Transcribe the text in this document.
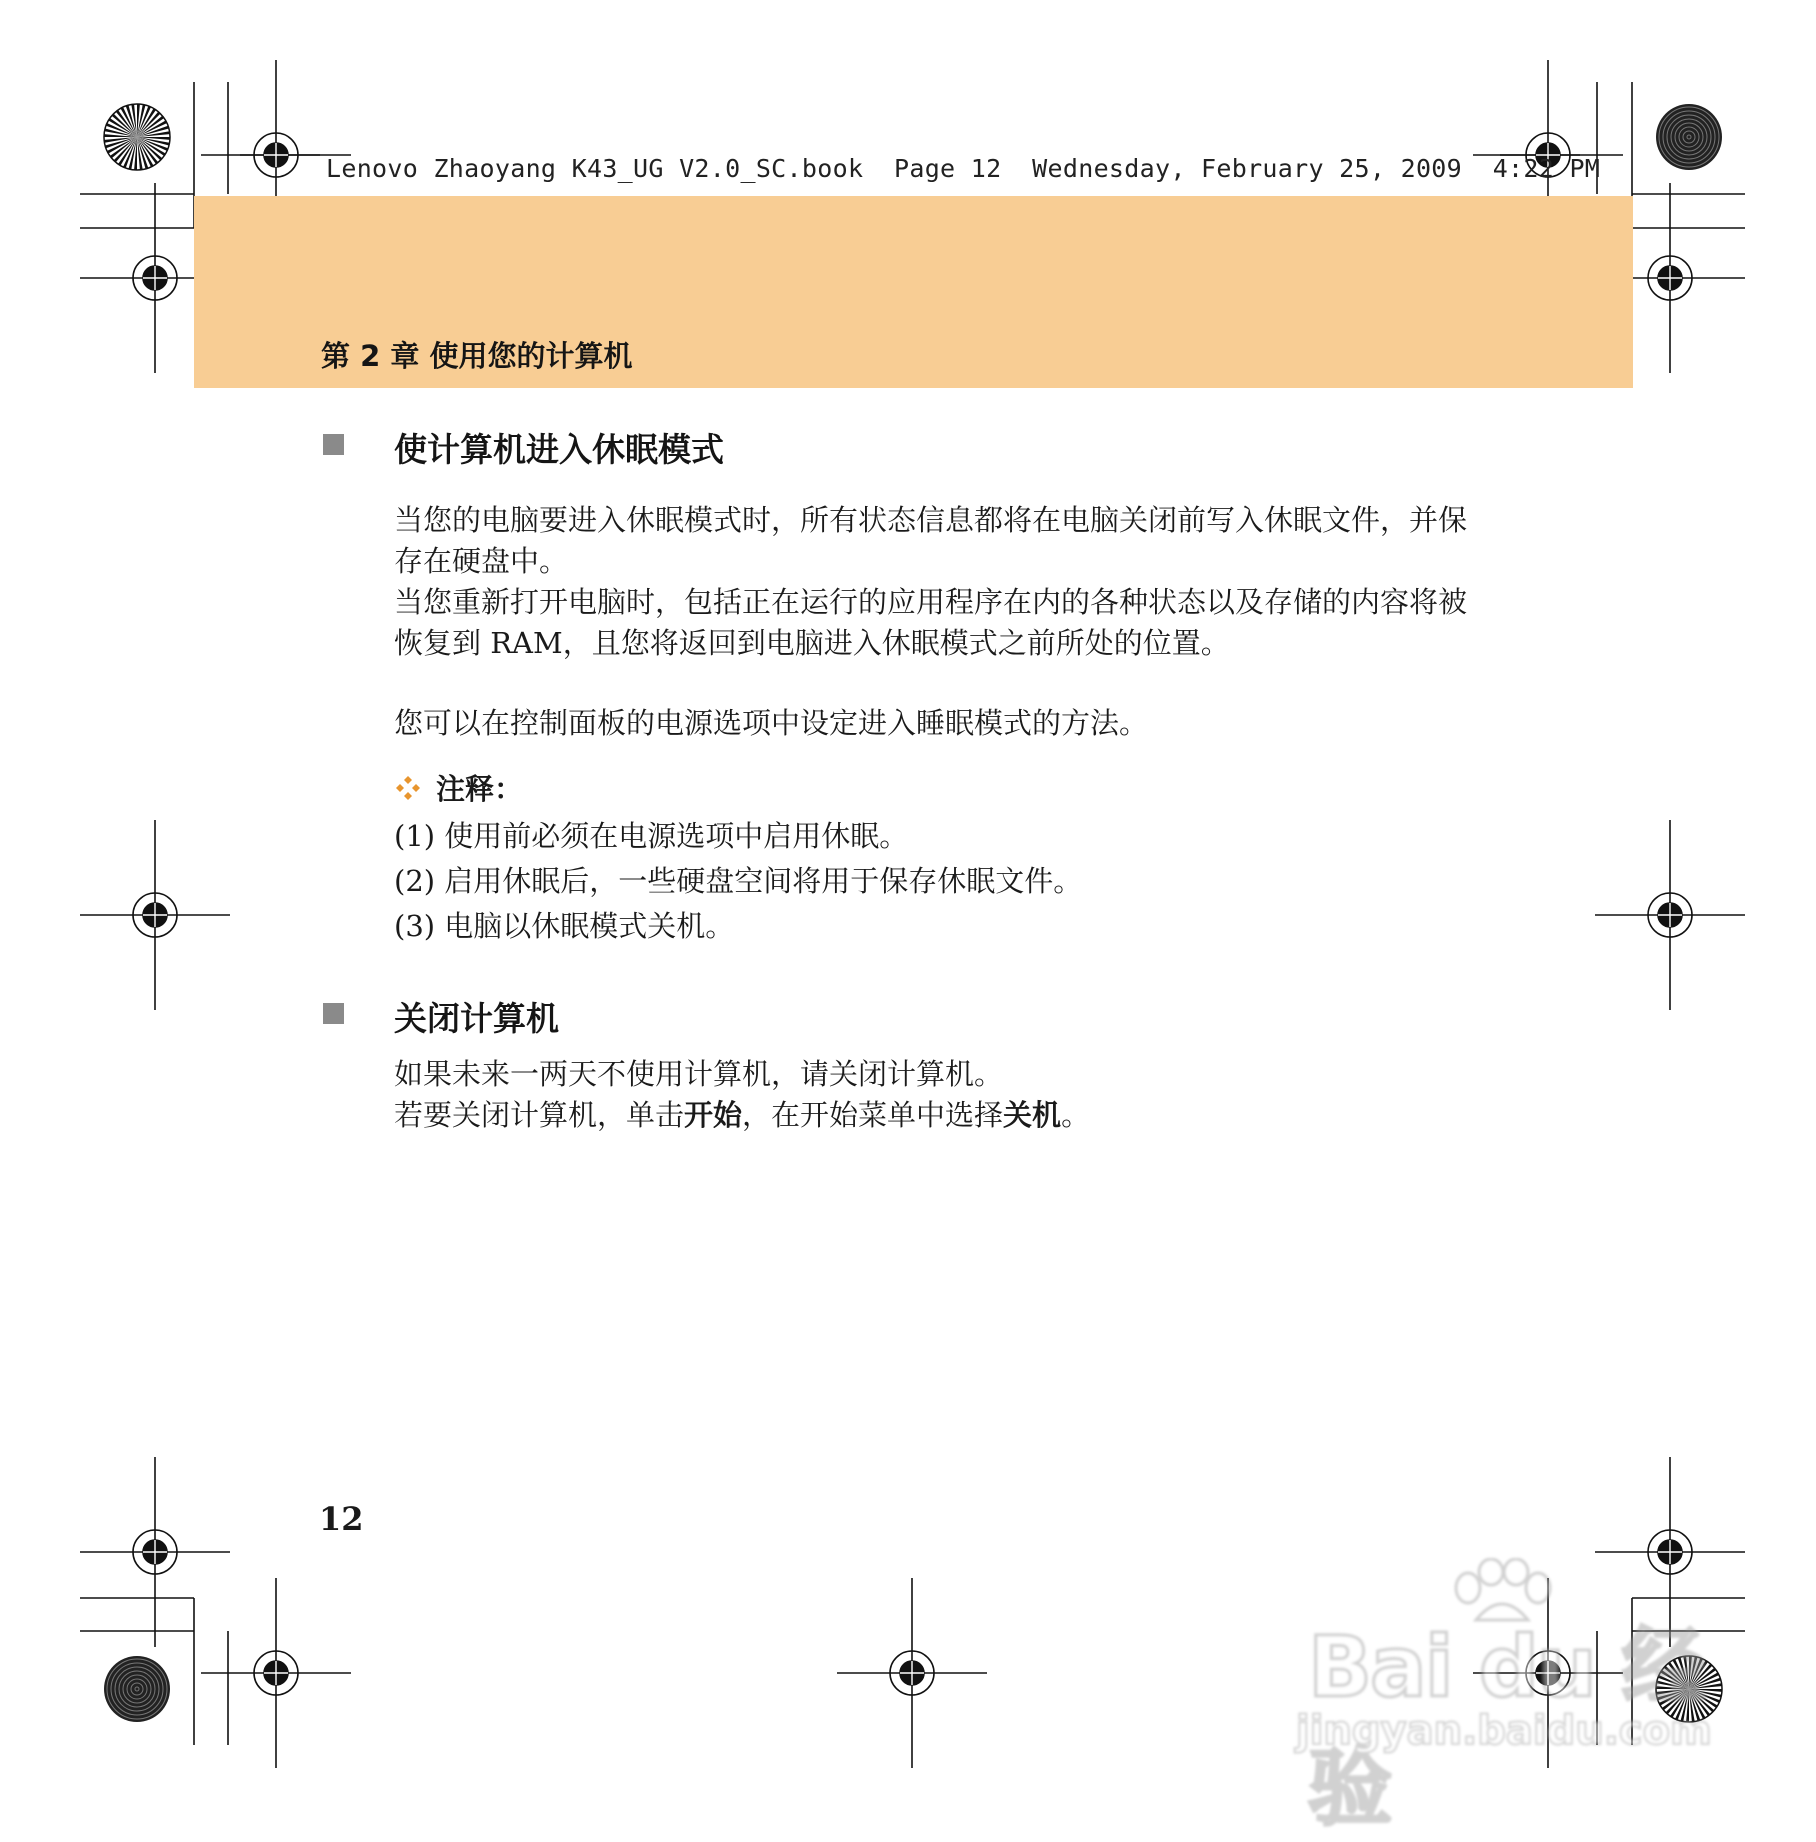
Lenovo Zhaoyang K43_UG V2.0_SC.book  Page 12  Wednesday, February 25, 2009  4:22 PM
第 2 章 使用您的计算机
使计算机进入休眠模式

当您的电脑要进入休眠模式时，所有状态信息都将在电脑关闭前写入休眠文件，并保存在硬盘中。

当您重新打开电脑时，包括正在运行的应用程序在内的各种状态以及存储的内容将被恢复到 RAM，且您将返回到电脑进入休眠模式之前所处的位置。

您可以在控制面板的电源选项中设定进入睡眠模式的方法。

注释：
(1) 使用前必须在电源选项中启用休眠。
(2) 启用休眠后，一些硬盘空间将用于保存休眠文件。
(3) 电脑以休眠模式关机。
关闭计算机

如果未来一两天不使用计算机，请关闭计算机。

若要关闭计算机，单击开始，在开始菜单中选择关机。

12
Bai du 经验
jingyan.baidu.com
